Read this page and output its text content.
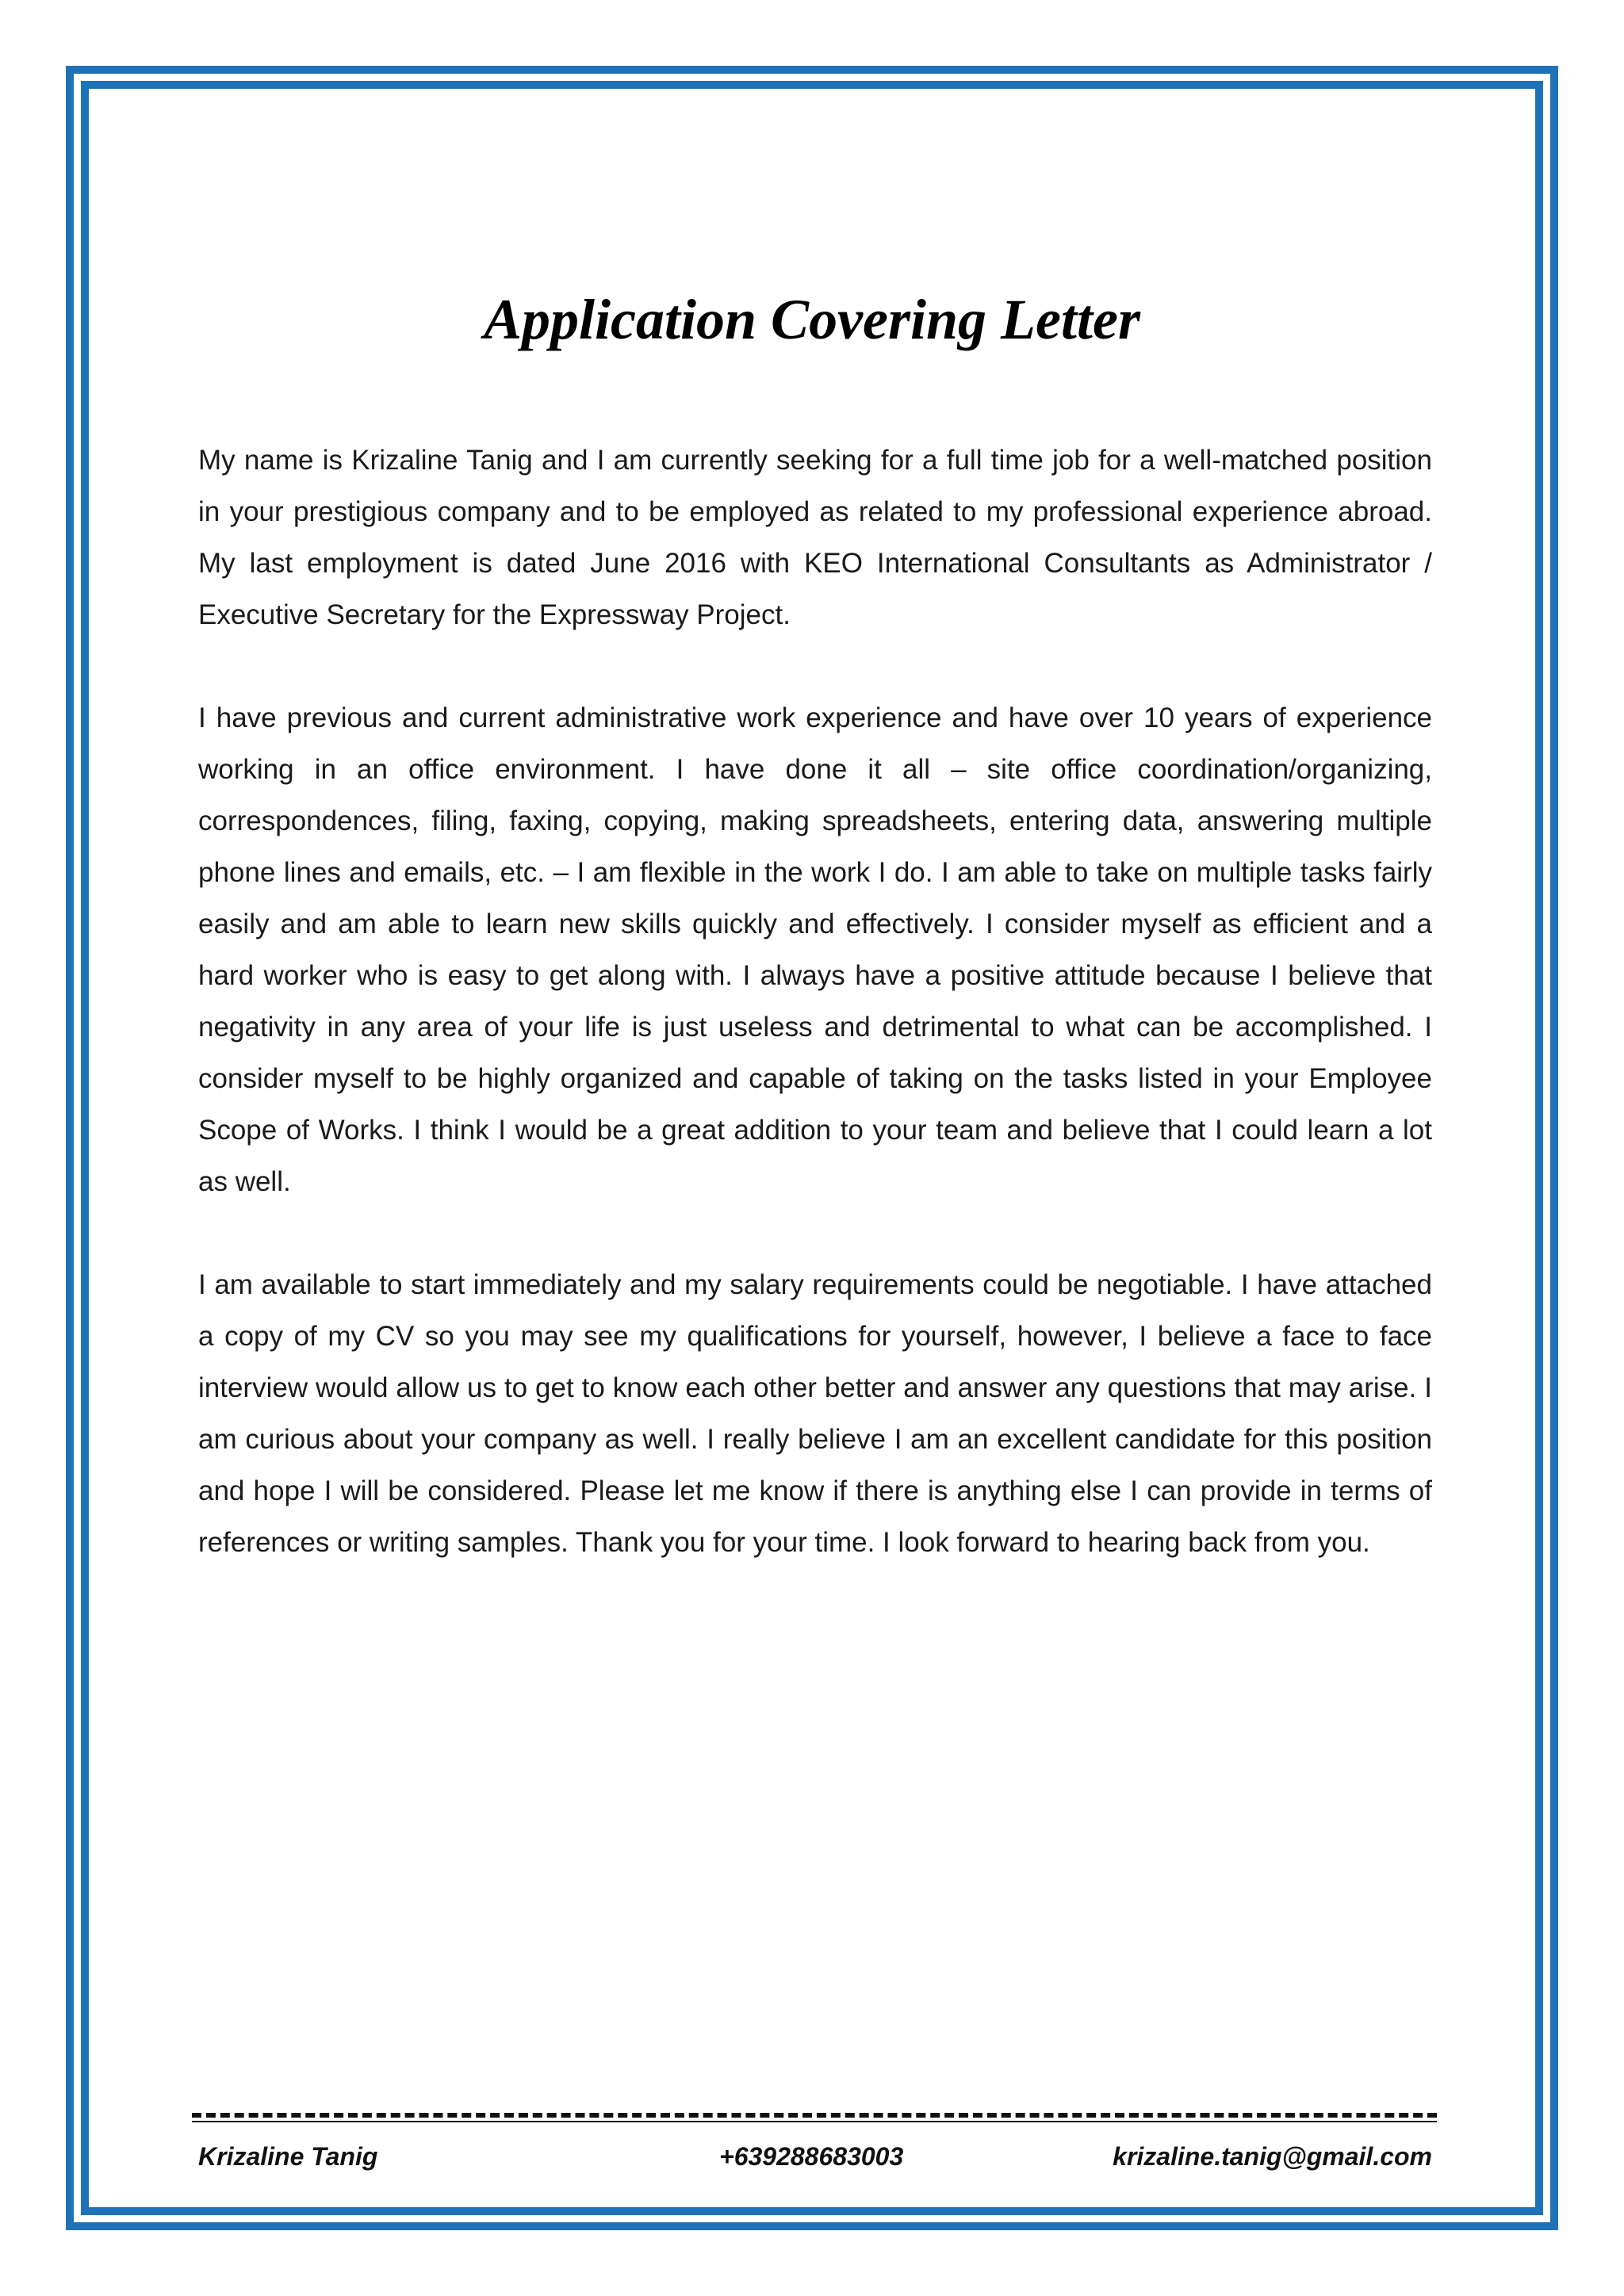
Application Covering Letter

My name is Krizaline Tanig and I am currently seeking for a full time job for a well-matched position in your prestigious company and to be employed as related to my professional experience abroad. My last employment is dated June 2016 with KEO International Consultants as Administrator / Executive Secretary for the Expressway Project.

I have previous and current administrative work experience and have over 10 years of experience working in an office environment. I have done it all – site office coordination/organizing, correspondences, filing, faxing, copying, making spreadsheets, entering data, answering multiple phone lines and emails, etc. – I am flexible in the work I do. I am able to take on multiple tasks fairly easily and am able to learn new skills quickly and effectively. I consider myself as efficient and a hard worker who is easy to get along with. I always have a positive attitude because I believe that negativity in any area of your life is just useless and detrimental to what can be accomplished. I consider myself to be highly organized and capable of taking on the tasks listed in your Employee Scope of Works. I think I would be a great addition to your team and believe that I could learn a lot as well.

I am available to start immediately and my salary requirements could be negotiable. I have attached a copy of my CV so you may see my qualifications for yourself, however, I believe a face to face interview would allow us to get to know each other better and answer any questions that may arise. I am curious about your company as well. I really believe I am an excellent candidate for this position and hope I will be considered. Please let me know if there is anything else I can provide in terms of references or writing samples. Thank you for your time. I look forward to hearing back from you.

Krizaline Tanig	+639288683003	krizaline.tanig@gmail.com
